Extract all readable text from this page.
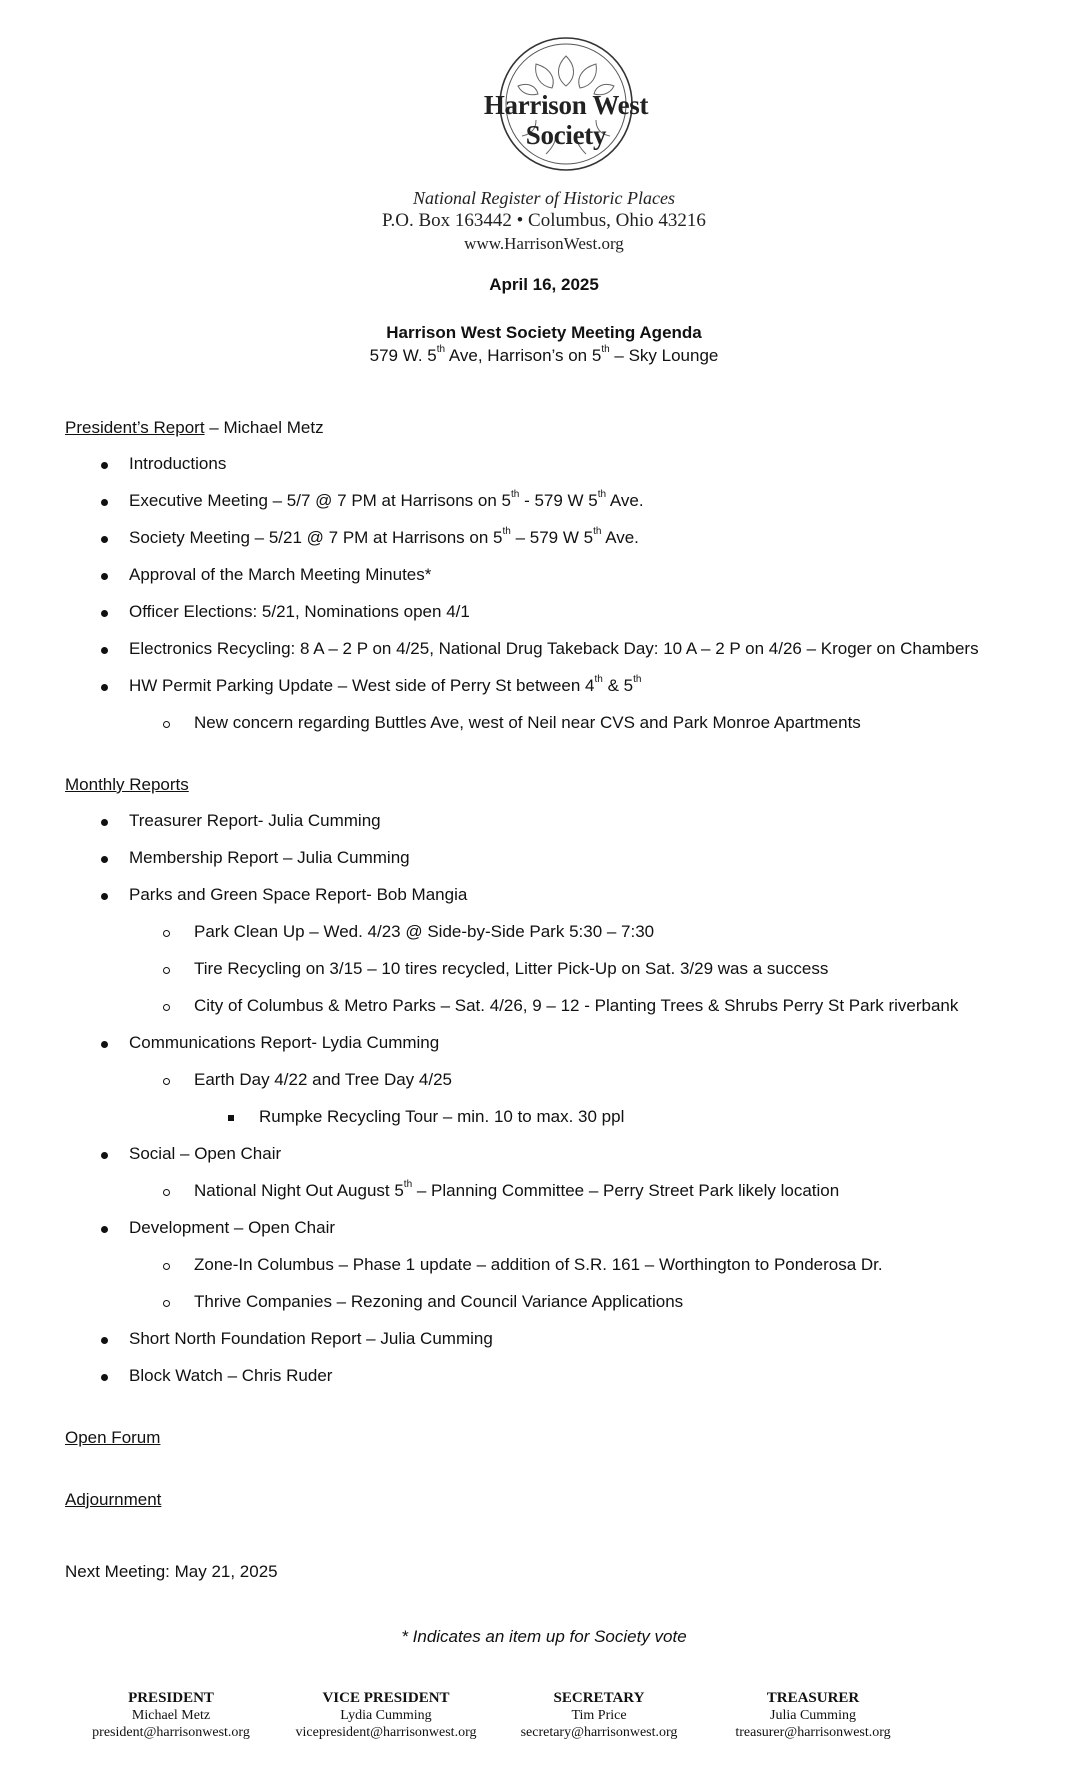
Harrison West
Society
National Register of Historic Places
P.O. Box 163442 • Columbus, Ohio 43216
www.HarrisonWest.org
April 16, 2025
Harrison West Society Meeting Agenda
579 W. 5th Ave, Harrison’s on 5th – Sky Lounge
President’s Report – Michael Metz
Introductions
Executive Meeting – 5/7 @ 7 PM at Harrisons on 5th - 579 W 5th Ave.
Society Meeting – 5/21 @ 7 PM at Harrisons on 5th – 579 W 5th Ave.
Approval of the March Meeting Minutes*
Officer Elections: 5/21, Nominations open 4/1
Electronics Recycling: 8 A – 2 P on 4/25, National Drug Takeback Day: 10 A – 2 P on 4/26 – Kroger on Chambers
HW Permit Parking Update – West side of Perry St between 4th & 5th
New concern regarding Buttles Ave, west of Neil near CVS and Park Monroe Apartments
Monthly Reports
Treasurer Report- Julia Cumming
Membership Report – Julia Cumming
Parks and Green Space Report- Bob Mangia
Park Clean Up – Wed. 4/23 @ Side-by-Side Park 5:30 – 7:30
Tire Recycling on 3/15 – 10 tires recycled, Litter Pick-Up on Sat. 3/29 was a success
City of Columbus & Metro Parks – Sat. 4/26, 9 – 12 - Planting Trees & Shrubs Perry St Park riverbank
Communications Report- Lydia Cumming
Earth Day 4/22 and Tree Day 4/25
Rumpke Recycling Tour – min. 10 to max. 30 ppl
Social – Open Chair
National Night Out August 5th – Planning Committee – Perry Street Park likely location
Development – Open Chair
Zone-In Columbus – Phase 1 update – addition of S.R. 161 – Worthington to Ponderosa Dr.
Thrive Companies – Rezoning and Council Variance Applications
Short North Foundation Report – Julia Cumming
Block Watch – Chris Ruder
Open Forum
Adjournment
Next Meeting: May 21, 2025
* Indicates an item up for Society vote
PRESIDENT
Michael Metz
president@harrisonwest.org
VICE PRESIDENT
Lydia Cumming
vicepresident@harrisonwest.org
SECRETARY
Tim Price
secretary@harrisonwest.org
TREASURER
Julia Cumming
treasurer@harrisonwest.org
